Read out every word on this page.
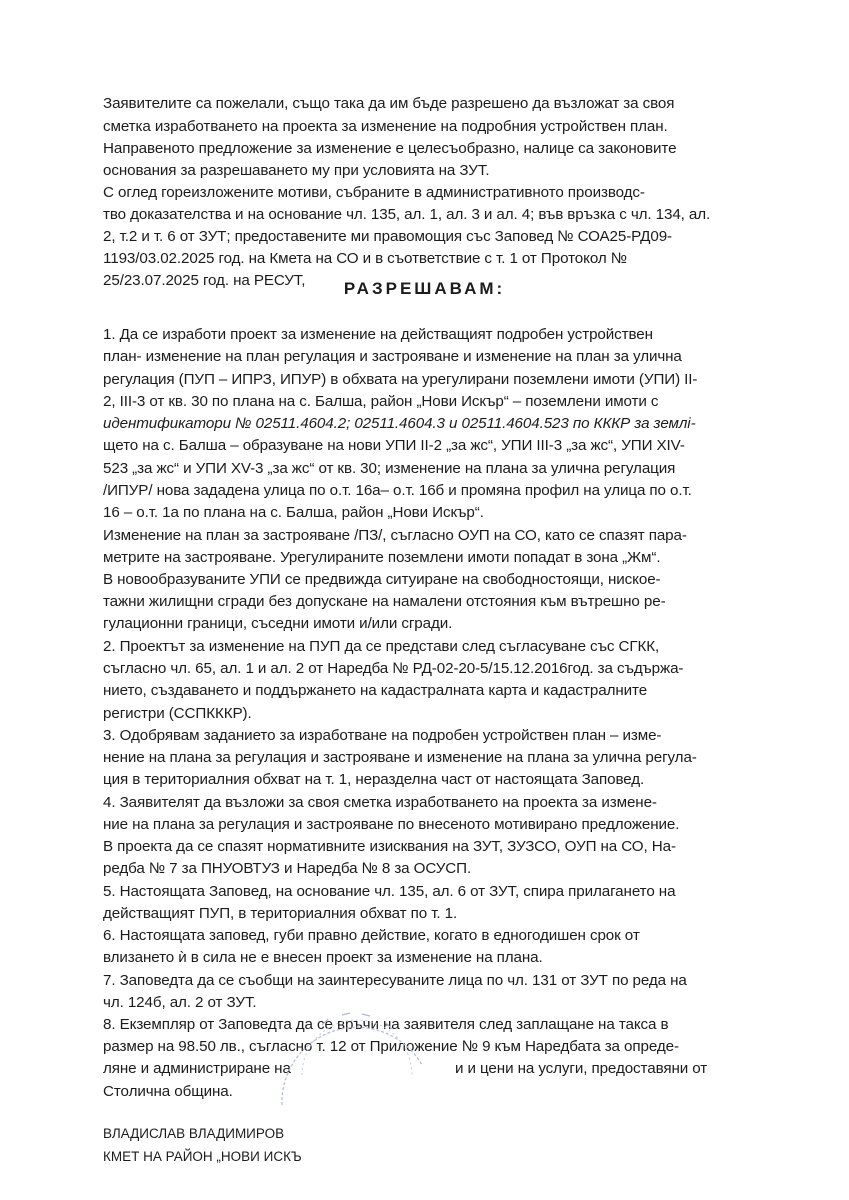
Заявителите са пожелали, също така да им бъде разрешено да възложат за своя
сметка изработването на проекта за изменение на подробния устройствен план.
Направеното предложение за изменение е целесъобразно, налице са законовите
основания за разрешаването му при условията на ЗУТ.
С оглед гореизложените мотиви, събраните в административното производс-
тво доказателства и на основание чл. 135, ал. 1, ал. 3 и ал. 4; във връзка с чл. 134, ал.
2, т.2 и т. 6 от ЗУТ; предоставените ми правомощия със Заповед № СОА25-РД09-
1193/03.02.2025 год. на Кмета на СО и в съответствие с т. 1 от Протокол №
25/23.07.2025 год. на РЕСУТ,	РАЗРЕШАВАМ:
1. Да се изработи проект за изменение на действащият подробен устройствен
план- изменение на план регулация и застрояване и изменение на план за улична
регулация (ПУП – ИПРЗ, ИПУР) в обхвата на урегулирани поземлени имоти (УПИ) II-
2, III-3 от кв. 30 по плана на с. Балша, район „Нови Искър“ – поземлени имоти с
идентификатори № 02511.4604.2; 02511.4604.3 и 02511.4604.523 по КККР за землі-
щето на с. Балша – образуване на нови УПИ II-2 „за жс“, УПИ III-3 „за жс“, УПИ XIV-
523 „за жс“ и УПИ XV-3 „за жс“ от кв. 30; изменение на плана за улична регулация
/ИПУР/ нова зададена улица по о.т. 16а– о.т. 16б и промяна профил на улица по о.т.
16 – о.т. 1а по плана на с. Балша, район „Нови Искър“.
Изменение на план за застрояване /ПЗ/, съгласно ОУП на СО, като се спазят пара-
метрите на застрояване. Урегулираните поземлени имоти попадат в зона „Жм“.
В новообразуваните УПИ се предвижда ситуиране на свободностоящи, нискоe-
тажни жилищни сгради без допускане на намалени отстояния към вътрешно ре-
гулационни граници, съседни имоти и/или сгради.
2. Проектът за изменение на ПУП да се представи след съгласуване със СГКК,
съгласно чл. 65, ал. 1 и ал. 2 от Наредба № РД-02-20-5/15.12.2016год. за съдържа-
нието, създаването и поддържането на кадастралната карта и кадастралните
регистри (ССПКККР).
3. Одобрявам заданието за изработване на подробен устройствен план – изме-
нение на плана за регулация и застрояване и изменение на плана за улична регула-
ция в териториалния обхват на т. 1, неразделна част от настоящата Заповед.
4. Заявителят да възложи за своя сметка изработването на проекта за измене-
ние на плана за регулация и застрояване по внесеното мотивирано предложение.
В проекта да се спазят нормативните изисквания на ЗУТ, ЗУЗСО, ОУП на СО, На-
редба № 7 за ПНУОВТУЗ и Наредба № 8 за ОСУСП.
5. Настоящата Заповед, на основание чл. 135, ал. 6 от ЗУТ, спира прилагането на
действащият ПУП, в териториалния обхват по т. 1.
6. Настоящата заповед, губи правно действие, когато в едногодишен срок от
влизането ѝ в сила не е внесен проект за изменение на плана.
7. Заповедта да се съобщи на заинтересуваните лица по чл. 131 от ЗУТ по реда на
чл. 124б, ал. 2 от ЗУТ.
8. Екземпляр от Заповедта да се връчи на заявителя след заплащане на такса в
размер на 98.50 лв., съгласно т. 12 от Приложение № 9 към Наредбата за опреде-
ляне и администриране на	и и цени на услуги, предоставяни от
Столична община.
ВЛАДИСЛАВ ВЛАДИМИРОВ
КМЕТ НА РАЙОН „НОВИ ИСКЪ
